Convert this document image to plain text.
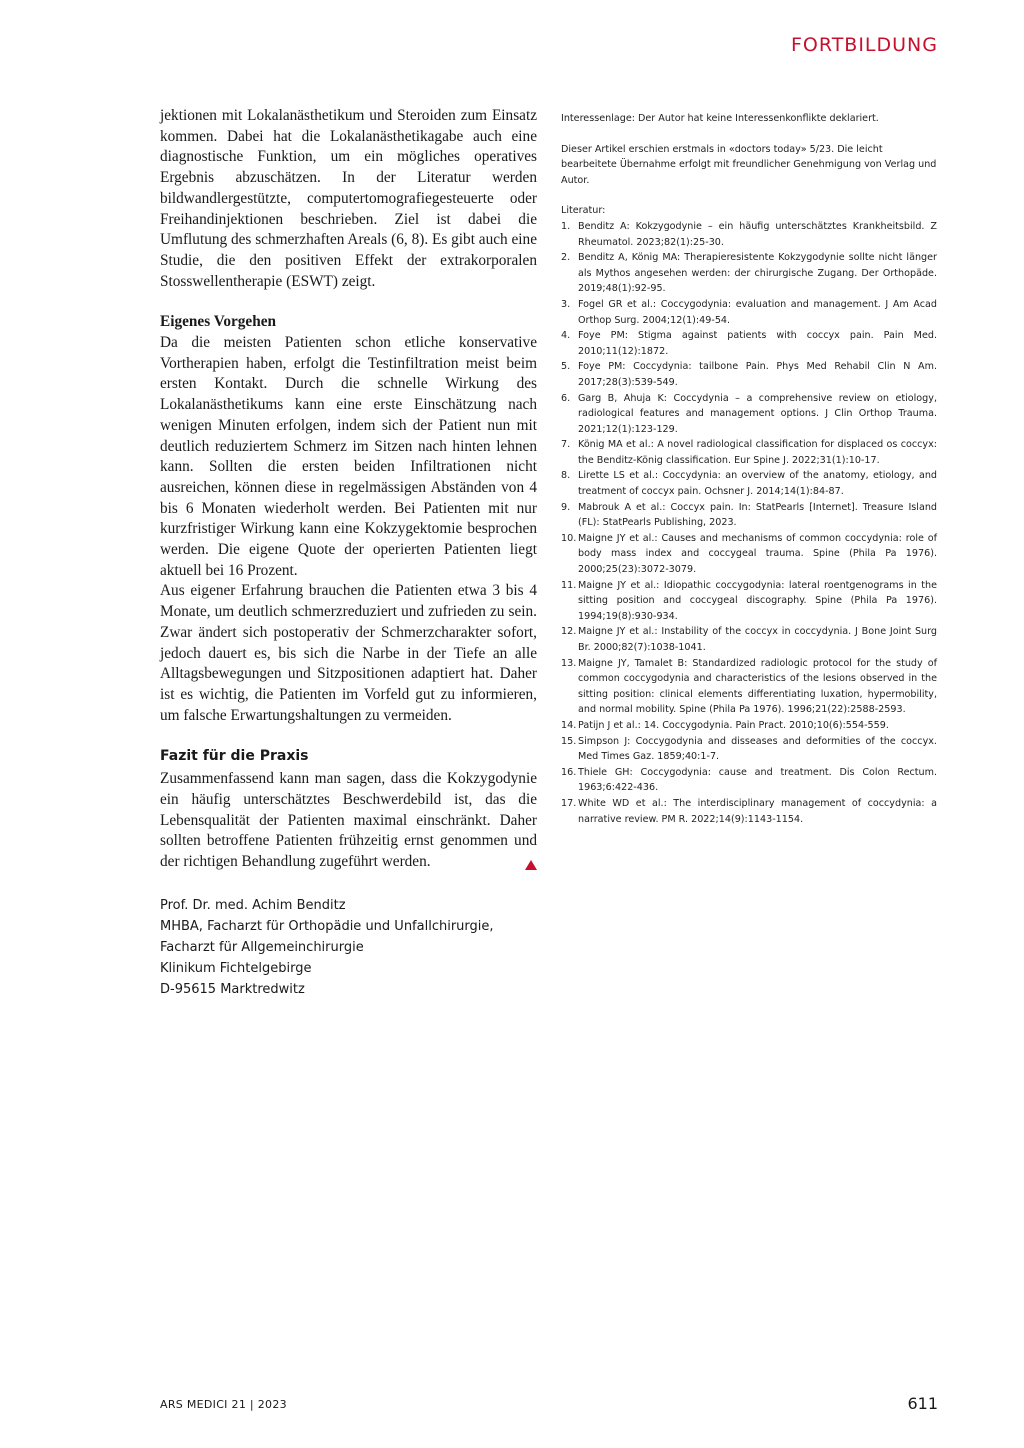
FORTBILDUNG

jektionen mit Lokalanästhetikum und Steroiden zum Einsatz kommen. Dabei hat die Lokalanästhetikagabe auch eine diagnostische Funktion, um ein mögliches operatives Ergebnis abzuschätzen. In der Literatur werden bildwandlergestützte, computertomografiegesteuerte oder Freihandinjektionen beschrieben. Ziel ist dabei die Umflutung des schmerzhaften Areals (6, 8). Es gibt auch eine Studie, die den positiven Effekt der extrakorporalen Stosswellentherapie (ESWT) zeigt.

Eigenes Vorgehen

Da die meisten Patienten schon etliche konservative Vortherapien haben, erfolgt die Testinfiltration meist beim ersten Kontakt. Durch die schnelle Wirkung des Lokalanästhetikums kann eine erste Einschätzung nach wenigen Minuten erfolgen, indem sich der Patient nun mit deutlich reduziertem Schmerz im Sitzen nach hinten lehnen kann. Sollten die ersten beiden Infiltrationen nicht ausreichen, können diese in regelmässigen Abständen von 4 bis 6 Monaten wiederholt werden. Bei Patienten mit nur kurzfristiger Wirkung kann eine Kokzygektomie besprochen werden. Die eigene Quote der operierten Patienten liegt aktuell bei 16 Prozent.

Aus eigener Erfahrung brauchen die Patienten etwa 3 bis 4 Monate, um deutlich schmerzreduziert und zufrieden zu sein. Zwar ändert sich postoperativ der Schmerzcharakter sofort, jedoch dauert es, bis sich die Narbe in der Tiefe an alle Alltagsbewegungen und Sitzpositionen adaptiert hat. Daher ist es wichtig, die Patienten im Vorfeld gut zu informieren, um falsche Erwartungshaltungen zu vermeiden.

Fazit für die Praxis

Zusammenfassend kann man sagen, dass die Kokzygodynie ein häufig unterschätztes Beschwerdebild ist, das die Lebensqualität der Patienten maximal einschränkt. Daher sollten betroffene Patienten frühzeitig ernst genommen und der richtigen Behandlung zugeführt werden.

Prof. Dr. med. Achim Benditz
MHBA, Facharzt für Orthopädie und Unfallchirurgie,
Facharzt für Allgemeinchirurgie
Klinikum Fichtelgebirge
D-95615 Marktredwitz

Interessenlage: Der Autor hat keine Interessenkonflikte deklariert.

Dieser Artikel erschien erstmals in «doctors today» 5/23. Die leicht bearbeitete Übernahme erfolgt mit freundlicher Genehmigung von Verlag und Autor.

Literatur:

1. Benditz A: Kokzygodynie – ein häufig unterschätztes Krankheitsbild. Z Rheumatol. 2023;82(1):25-30.
2. Benditz A, König MA: Therapieresistente Kokzygodynie sollte nicht länger als Mythos angesehen werden: der chirurgische Zugang. Der Orthopäde. 2019;48(1):92-95.
3. Fogel GR et al.: Coccygodynia: evaluation and management. J Am Acad Orthop Surg. 2004;12(1):49-54.
4. Foye PM: Stigma against patients with coccyx pain. Pain Med. 2010;11(12):1872.
5. Foye PM: Coccydynia: tailbone Pain. Phys Med Rehabil Clin N Am. 2017;28(3):539-549.
6. Garg B, Ahuja K: Coccydynia – a comprehensive review on etiology, radiological features and management options. J Clin Orthop Trauma. 2021;12(1):123-129.
7. König MA et al.: A novel radiological classification for displaced os coccyx: the Benditz-König classification. Eur Spine J. 2022;31(1):10-17.
8. Lirette LS et al.: Coccydynia: an overview of the anatomy, etiology, and treatment of coccyx pain. Ochsner J. 2014;14(1):84-87.
9. Mabrouk A et al.: Coccyx pain. In: StatPearls [Internet]. Treasure Island (FL): StatPearls Publishing, 2023.
10. Maigne JY et al.: Causes and mechanisms of common coccydynia: role of body mass index and coccygeal trauma. Spine (Phila Pa 1976). 2000;25(23):3072-3079.
11. Maigne JY et al.: Idiopathic coccygodynia: lateral roentgenograms in the sitting position and coccygeal discography. Spine (Phila Pa 1976). 1994;19(8):930-934.
12. Maigne JY et al.: Instability of the coccyx in coccydynia. J Bone Joint Surg Br. 2000;82(7):1038-1041.
13. Maigne JY, Tamalet B: Standardized radiologic protocol for the study of common coccygodynia and characteristics of the lesions observed in the sitting position: clinical elements differentiating luxation, hypermobility, and normal mobility. Spine (Phila Pa 1976). 1996;21(22):2588-2593.
14. Patijn J et al.: 14. Coccygodynia. Pain Pract. 2010;10(6):554-559.
15. Simpson J: Coccygodynia and disseases and deformities of the coccyx. Med Times Gaz. 1859;40:1-7.
16. Thiele GH: Coccygodynia: cause and treatment. Dis Colon Rectum. 1963;6:422-436.
17. White WD et al.: The interdisciplinary management of coccydynia: a narrative review. PM R. 2022;14(9):1143-1154.
ARS MEDICI 21 | 2023	611
